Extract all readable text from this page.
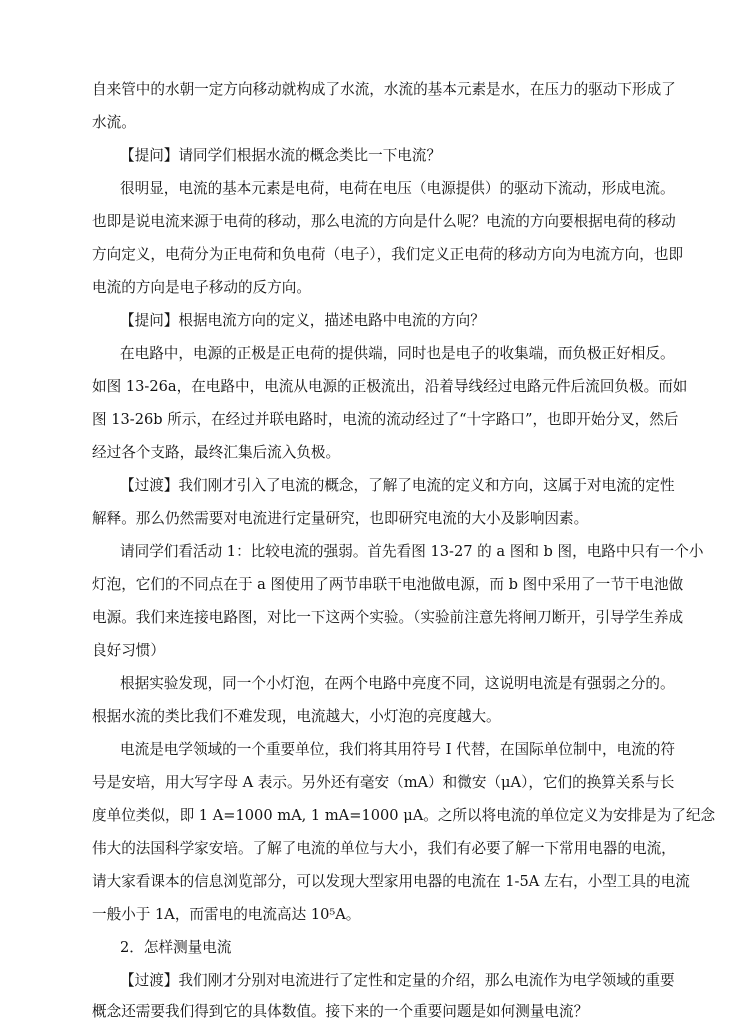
自来管中的水朝一定方向移动就构成了水流，水流的基本元素是水，在压力的驱动下形成了
水流。
【提问】请同学们根据水流的概念类比一下电流？
很明显，电流的基本元素是电荷，电荷在电压（电源提供）的驱动下流动，形成电流。
也即是说电流来源于电荷的移动，那么电流的方向是什么呢？电流的方向要根据电荷的移动
方向定义，电荷分为正电荷和负电荷（电子），我们定义正电荷的移动方向为电流方向，也即
电流的方向是电子移动的反方向。
【提问】根据电流方向的定义，描述电路中电流的方向？
在电路中，电源的正极是正电荷的提供端，同时也是电子的收集端，而负极正好相反。
如图 13-26a，在电路中，电流从电源的正极流出，沿着导线经过电路元件后流回负极。而如
图 13-26b 所示，在经过并联电路时，电流的流动经过了“十字路口”，也即开始分叉，然后
经过各个支路，最终汇集后流入负极。
【过渡】我们刚才引入了电流的概念，了解了电流的定义和方向，这属于对电流的定性
解释。那么仍然需要对电流进行定量研究，也即研究电流的大小及影响因素。
请同学们看活动 1：比较电流的强弱。首先看图 13-27 的 a 图和 b 图，电路中只有一个小
灯泡，它们的不同点在于 a 图使用了两节串联干电池做电源，而 b 图中采用了一节干电池做
电源。我们来连接电路图，对比一下这两个实验。（实验前注意先将闸刀断开，引导学生养成
良好习惯）
根据实验发现，同一个小灯泡，在两个电路中亮度不同，这说明电流是有强弱之分的。
根据水流的类比我们不难发现，电流越大，小灯泡的亮度越大。
电流是电学领域的一个重要单位，我们将其用符号 I 代替，在国际单位制中，电流的符
号是安培，用大写字母 A 表示。另外还有毫安（mA）和微安（μA），它们的换算关系与长
度单位类似，即 1 A=1000 mA, 1 mA=1000 μA。之所以将电流的单位定义为安排是为了纪念
伟大的法国科学家安培。了解了电流的单位与大小，我们有必要了解一下常用电器的电流，
请大家看课本的信息浏览部分，可以发现大型家用电器的电流在 1-5A 左右，小型工具的电流
一般小于 1A，而雷电的电流高达 10⁵A。
2．怎样测量电流
【过渡】我们刚才分别对电流进行了定性和定量的介绍，那么电流作为电学领域的重要
概念还需要我们得到它的具体数值。接下来的一个重要问题是如何测量电流？
